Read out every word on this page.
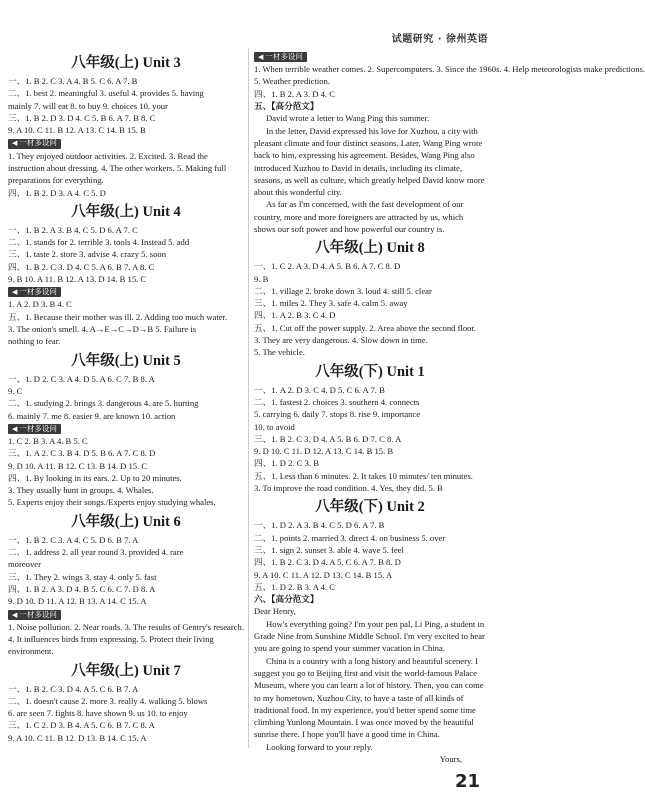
试题研究 · 徐州英语
八年级(上) Unit 3
一、1. B 2. C 3. A 4. B 5. C 6. A 7. B
二、1. best 2. meaningful 3. useful 4. provides 5. having
mainly 7. will eat 8. to buy 9. choices 10. your
三、1. B 2. D 3. D 4. C 5. B 6. A 7. B 8. C
9. A 10. C 11. B 12. A 13. C 14. B 15. B
◀ 一材多设问
1. They enjoyed outdoor activities. 2. Excited. 3. Read the instruction about dressing. 4. The other workers. 5. Making full preparations for everything.
四、1. B 2. D 3. A 4. C 5. D
八年级(上) Unit 4
一、1. B 2. A 3. B 4. C 5. D 6. A 7. C
二、1. stands for 2. terrible 3. tools 4. Instead 5. add
三、1. taste 2. store 3. advise 4. crazy 5. soon
四、1. B 2. C 3. D 4. C 5. A 6. B 7. A 8. C
9. B 10. A 11. B 12. A 13. D 14. B 15. C
◀ 一材多设问
1. A 2. D 3. B 4. C
五、1. Because their mother was ill. 2. Adding too much water.
3. The onion's smell. 4. A→E→C→D→B 5. Failure is
nothing to fear.
八年级(上) Unit 5
一、1. D 2. C 3. A 4. D 5. A 6. C 7. B 8. A
9. C
二、1. studying 2. brings 3. dangerous 4. are 5. hurting
6. mainly 7. me 8. easier 9. are known 10. action
◀ 一材多设问
1. C 2. B 3. A 4. B 5. C
三、1. A 2. C 3. B 4. D 5. B 6. A 7. C 8. D
9. D 10. A 11. B 12. C 13. B 14. D 15. C
四、1. By looking in its ears. 2. Up to 20 minutes.
3. They usually hunt in groups. 4. Whales.
5. Experts enjoy their songs./Experts enjoy studying whales.
八年级(上) Unit 6
一、1. B 2. C 3. A 4. C 5. D 6. B 7. A
二、1. address 2. all year round 3. provided 4. rare
moreover
三、1. They 2. wings 3. stay 4. only 5. fast
四、1. B 2. A 3. D 4. B 5. C 6. C 7. D 8. A
9. D 10. D 11. A 12. B 13. A 14. C 15. A
◀ 一材多设问
1. Noise pollution. 2. Near roads. 3. The results of Gentry's research. 4. It influences birds from expressing. 5. Protect their living environment.
八年级(上) Unit 7
一、1. B 2. C 3. D 4. A 5. C 6. B 7. A
二、1. doesn't cause 2. more 3. really 4. walking 5. blows
6. are seen 7. fights 8. have shown 9. us 10. to enjoy
三、1. C 2. D 3. B 4. A 5. C 6. B 7. C 8. A
9. A 10. C 11. B 12. D 13. B 14. C 15. A
◀ 一材多设问
1. When terrible weather comes. 2. Supercomputers. 3. Since the 1960s. 4. Help meteorologists make predictions.
5. Weather prediction.
四、1. B 2. A 3. D 4. C
五、【高分范文】
David wrote a letter to Wang Ping this summer.
In the letter, David expressed his love for Xuzhou, a city with pleasant climate and four distinct seasons. Later, Wang Ping wrote back to him, expressing his agreement. Besides, Wang Ping also introduced Xuzhou to David in details, including its climate, seasons, as well as culture, which greatly helped David know more about this wonderful city.
As far as I'm concerned, with the fast development of our country, more and more foreigners are attracted by us, which shows our soft power and how powerful our country is.
八年级(上) Unit 8
一、1. C 2. A 3. D 4. A 5. B 6. A 7. C 8. D
9. B
二、1. village 2. broke down 3. loud 4. still 5. clear
三、1. miles 2. They 3. safe 4. calm 5. away
四、1. A 2. B 3. C 4. D
五、1. Cut off the power supply. 2. Area above the second floor.
3. They are very dangerous. 4. Slow down in time.
5. The vehicle.
八年级(下) Unit 1
一、1. A 2. D 3. C 4. D 5. C 6. A 7. B
二、1. fastest 2. choices 3. southern 4. connects
5. carrying 6. daily 7. stops 8. rise 9. importance
10. to avoid
三、1. B 2. C 3. D 4. A 5. B 6. D 7. C 8. A
9. D 10. C 11. D 12. A 13. C 14. B 15. B
四、1. D 2. C 3. B
五、1. Less than 6 minutes. 2. It takes 10 minutes/ ten minutes.
3. To improve the road condition. 4. Yes, they did. 5. B
八年级(下) Unit 2
一、1. D 2. A 3. B 4. C 5. D 6. A 7. B
二、1. points 2. married 3. direct 4. on business 5. over
三、1. sign 2. sunset 3. able 4. wave 5. feel
四、1. B 2. C 3. D 4. A 5. C 6. A 7. B 8. D
9. A 10. C 11. A 12. D 13. C 14. B 15. A
五、1. D 2. B 3. A 4. C
六、【高分范文】
Dear Henry,
How's everything going? I'm your pen pal, Li Ping, a student in Grade Nine from Sunshine Middle School. I'm very excited to hear you are going to spend your summer vacation in China.
China is a country with a long history and beautiful scenery. I suggest you go to Beijing first and visit the world-famous Palace Museum, where you can learn a lot of history. Then, you can come to my hometown, Xuzhou City, to have a taste of all kinds of traditional food. In my experience, you'd better spend some time climbing Yunlong Mountain. I was once moved by the beautiful sunrise there. I hope you'll have a good time in China.
Looking forward to your reply.
Yours,
21
